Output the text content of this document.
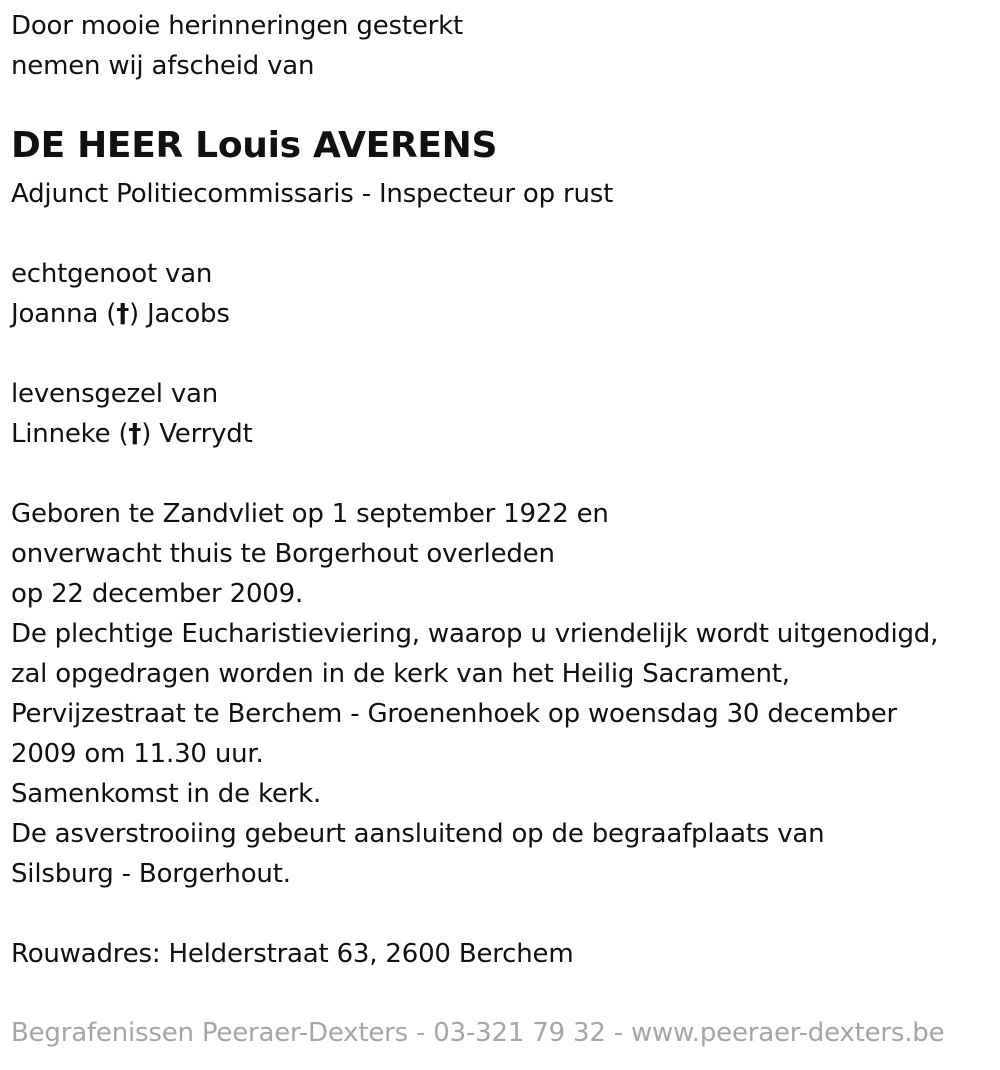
Door mooie herinneringen gesterkt
nemen wij afscheid van
DE HEER Louis AVERENS
Adjunct Politiecommissaris - Inspecteur op rust
echtgenoot van
Joanna (†) Jacobs
levensgezel van
Linneke (†) Verrydt
Geboren te Zandvliet op 1 september 1922 en
onverwacht thuis te Borgerhout overleden
op 22 december 2009.
De plechtige Eucharistieviering, waarop u vriendelijk wordt uitgenodigd,
zal opgedragen worden in de kerk van het Heilig Sacrament,
Pervijzestraat te Berchem - Groenenhoek op woensdag 30 december
2009 om 11.30 uur.
Samenkomst in de kerk.
De asverstrooiing gebeurt aansluitend op de begraafplaats van
Silsburg - Borgerhout.
Rouwadres: Helderstraat 63, 2600 Berchem
Begrafenissen Peeraer-Dexters - 03-321 79 32 - www.peeraer-dexters.be
